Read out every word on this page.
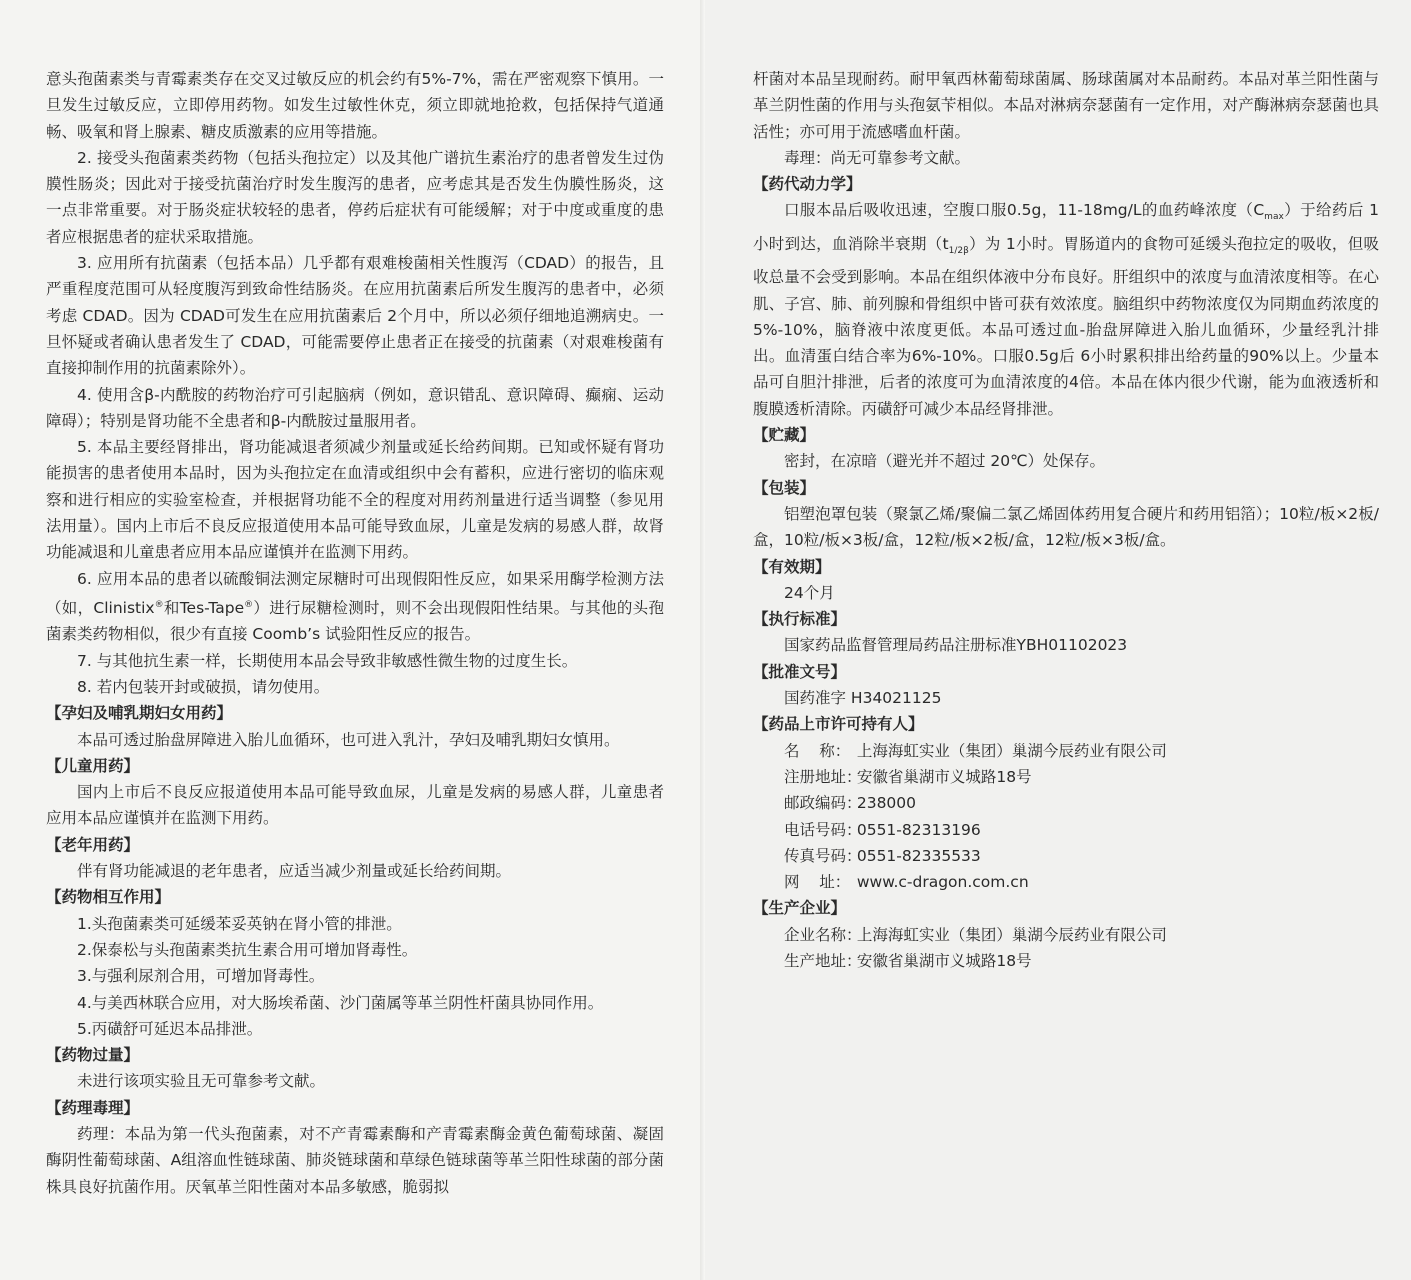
意头孢菌素类与青霉素类存在交叉过敏反应的机会约有5%-7%，需在严密观察下慎用。一旦发生过敏反应，立即停用药物。如发生过敏性休克，须立即就地抢救，包括保持气道通畅、吸氧和肾上腺素、糖皮质激素的应用等措施。

2. 接受头孢菌素类药物（包括头孢拉定）以及其他广谱抗生素治疗的患者曾发生过伪膜性肠炎；因此对于接受抗菌治疗时发生腹泻的患者，应考虑其是否发生伪膜性肠炎，这一点非常重要。对于肠炎症状较轻的患者，停药后症状有可能缓解；对于中度或重度的患者应根据患者的症状采取措施。

3. 应用所有抗菌素（包括本品）几乎都有艰难梭菌相关性腹泻（CDAD）的报告，且严重程度范围可从轻度腹泻到致命性结肠炎。在应用抗菌素后所发生腹泻的患者中，必须考虑 CDAD。因为 CDAD可发生在应用抗菌素后 2个月中，所以必须仔细地追溯病史。一旦怀疑或者确认患者发生了 CDAD，可能需要停止患者正在接受的抗菌素（对艰难梭菌有直接抑制作用的抗菌素除外）。

4. 使用含β-内酰胺的药物治疗可引起脑病（例如，意识错乱、意识障碍、癫痫、运动障碍）；特别是肾功能不全患者和β-内酰胺过量服用者。

5. 本品主要经肾排出，肾功能减退者须减少剂量或延长给药间期。已知或怀疑有肾功能损害的患者使用本品时，因为头孢拉定在血清或组织中会有蓄积，应进行密切的临床观察和进行相应的实验室检查，并根据肾功能不全的程度对用药剂量进行适当调整（参见用法用量）。国内上市后不良反应报道使用本品可能导致血尿，儿童是发病的易感人群，故肾功能减退和儿童患者应用本品应谨慎并在监测下用药。

6. 应用本品的患者以硫酸铜法测定尿糖时可出现假阳性反应，如果采用酶学检测方法（如，Clinistix®和Tes-Tape®）进行尿糖检测时，则不会出现假阳性结果。与其他的头孢菌素类药物相似，很少有直接 Coomb’s 试验阳性反应的报告。

7. 与其他抗生素一样，长期使用本品会导致非敏感性微生物的过度生长。

8. 若内包装开封或破损，请勿使用。

【孕妇及哺乳期妇女用药】

本品可透过胎盘屏障进入胎儿血循环，也可进入乳汁，孕妇及哺乳期妇女慎用。

【儿童用药】

国内上市后不良反应报道使用本品可能导致血尿，儿童是发病的易感人群，儿童患者应用本品应谨慎并在监测下用药。

【老年用药】

伴有肾功能减退的老年患者，应适当减少剂量或延长给药间期。

【药物相互作用】

1.头孢菌素类可延缓苯妥英钠在肾小管的排泄。

2.保泰松与头孢菌素类抗生素合用可增加肾毒性。

3.与强利尿剂合用，可增加肾毒性。

4.与美西林联合应用，对大肠埃希菌、沙门菌属等革兰阴性杆菌具协同作用。

5.丙磺舒可延迟本品排泄。

【药物过量】

未进行该项实验且无可靠参考文献。

【药理毒理】

药理：本品为第一代头孢菌素，对不产青霉素酶和产青霉素酶金黄色葡萄球菌、凝固酶阴性葡萄球菌、A组溶血性链球菌、肺炎链球菌和草绿色链球菌等革兰阳性球菌的部分菌株具良好抗菌作用。厌氧革兰阳性菌对本品多敏感，脆弱拟

杆菌对本品呈现耐药。耐甲氧西林葡萄球菌属、肠球菌属对本品耐药。本品对革兰阳性菌与革兰阴性菌的作用与头孢氨苄相似。本品对淋病奈瑟菌有一定作用，对产酶淋病奈瑟菌也具活性；亦可用于流感嗜血杆菌。

毒理：尚无可靠参考文献。

【药代动力学】

口服本品后吸收迅速，空腹口服0.5g，11-18mg/L的血药峰浓度$(C_{max})$于给药后 1小时到达，血消除半衰期$(t_{1/2\beta})$为 1小时。胃肠道内的食物可延缓头孢拉定的吸收，但吸收总量不会受到影响。本品在组织体液中分布良好。肝组织中的浓度与血清浓度相等。在心肌、子宫、肺、前列腺和骨组织中皆可获有效浓度。脑组织中药物浓度仅为同期血药浓度的5%-10%，脑脊液中浓度更低。本品可透过血-胎盘屏障进入胎儿血循环，少量经乳汁排出。血清蛋白结合率为6%-10%。口服0.5g后 6小时累积排出给药量的90%以上。少量本品可自胆汁排泄，后者的浓度可为血清浓度的4倍。本品在体内很少代谢，能为血液透析和腹膜透析清除。丙磺舒可减少本品经肾排泄。

【贮藏】

密封，在凉暗（避光并不超过 20℃）处保存。

【包装】

铝塑泡罩包装（聚氯乙烯/聚偏二氯乙烯固体药用复合硬片和药用铝箔）；10粒/板×2板/盒，10粒/板×3板/盒，12粒/板×2板/盒，12粒/板×3板/盒。

【有效期】

24个月

【执行标准】

国家药品监督管理局药品注册标准YBH01102023

【批准文号】

国药准字 H34021125

【药品上市许可持有人】

名    称： 上海海虹实业（集团）巢湖今辰药业有限公司

注册地址：
安徽省巢湖市义城路18号

邮政编码：
238000

电话号码：
0551-82313196

传真号码：
0551-82335533

网    址： www.c-dragon.com.cn

【生产企业】

企业名称：
上海海虹实业（集团）巢湖今辰药业有限公司

生产地址：
安徽省巢湖市义城路18号
